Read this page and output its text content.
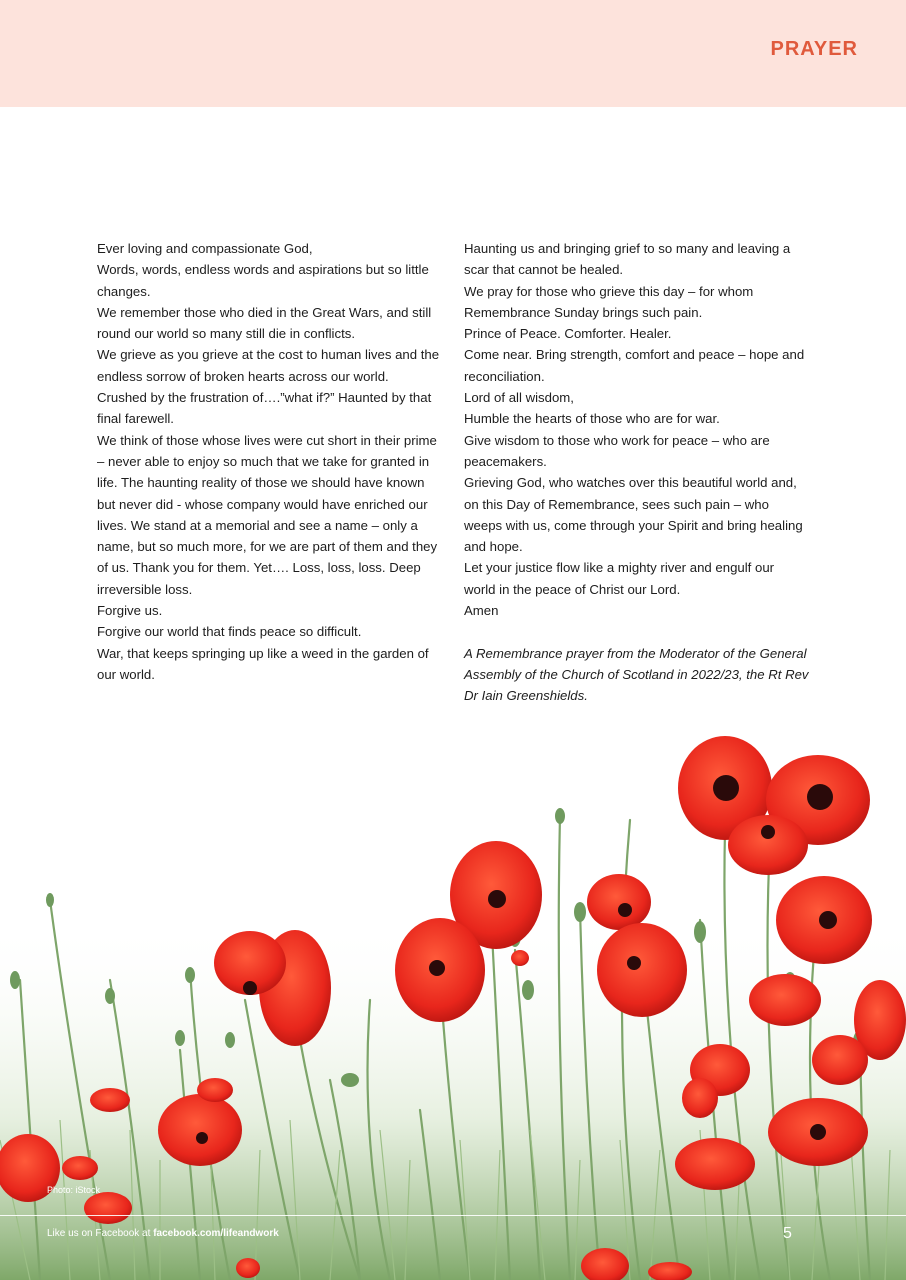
PRAYER

Ever loving and compassionate God,

Words, words, endless words and aspirations but so little changes.

We remember those who died in the Great Wars, and still round our world so many still die in conflicts.

We grieve as you grieve at the cost to human lives and the endless sorrow of broken hearts across our world. Crushed by the frustration of….”what if?” Haunted by that final farewell.

We think of those whose lives were cut short in their prime – never able to enjoy so much that we take for granted in life. The haunting reality of those we should have known but never did - whose company would have enriched our lives. We stand at a memorial and see a name – only a name, but so much more, for we are part of them and they of us. Thank you for them. Yet…. Loss, loss, loss. Deep irreversible loss.

Forgive us.

Forgive our world that finds peace so difficult.

War, that keeps springing up like a weed in the garden of our world.

Haunting us and bringing grief to so many and leaving a scar that cannot be healed.

We pray for those who grieve this day – for whom Remembrance Sunday brings such pain.

Prince of Peace. Comforter. Healer.

Come near. Bring strength, comfort and peace – hope and reconciliation.

Lord of all wisdom,

Humble the hearts of those who are for war.

Give wisdom to those who work for peace – who are peacemakers.

Grieving God, who watches over this beautiful world and, on this Day of Remembrance, sees such pain – who weeps with us, come through your Spirit and bring healing and hope.

Let your justice flow like a mighty river and engulf our world in the peace of Christ our Lord.

Amen

A Remembrance prayer from the Moderator of the General Assembly of the Church of Scotland in 2022/23, the Rt Rev Dr Iain Greenshields.

Photo: iStock
Like us on Facebook at facebook.com/lifeandwork	5
